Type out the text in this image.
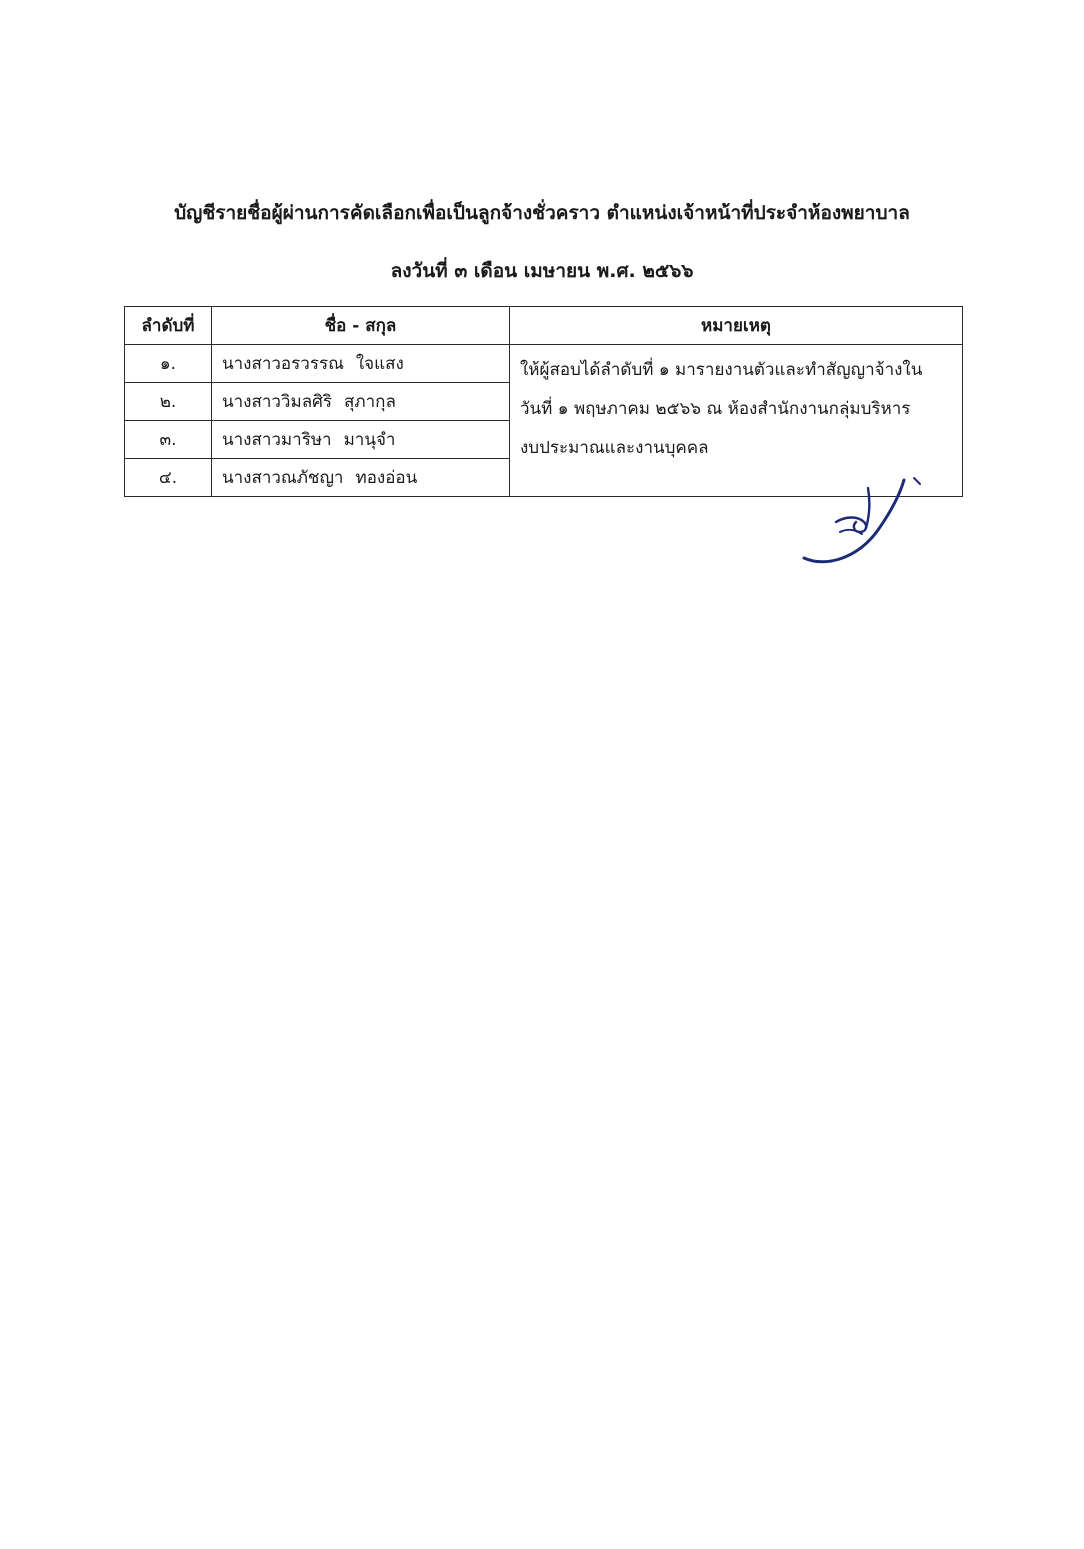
บัญชีรายชื่อผู้ผ่านการคัดเลือกเพื่อเป็นลูกจ้างชั่วคราว ตำแหน่งเจ้าหน้าที่ประจำห้องพยาบาล
ลงวันที่ ๓ เดือน เมษายน พ.ศ. ๒๕๖๖
ลำดับที่	ชื่อ - สกุล	หมายเหตุ
๑.	นางสาวอรวรรณ ใจแสง	ให้ผู้สอบได้ลำดับที่ ๑ มารายงานตัวและทำสัญญาจ้างใน
วันที่ ๑ พฤษภาคม ๒๕๖๖ ณ ห้องสำนักงานกลุ่มบริหาร
งบประมาณและงานบุคคล

๒.	นางสาววิมลศิริ สุภากุล	
๓.	นางสาวมาริษา มานุจำ	
๔.	นางสาวณภัชญา ทองอ่อน	
